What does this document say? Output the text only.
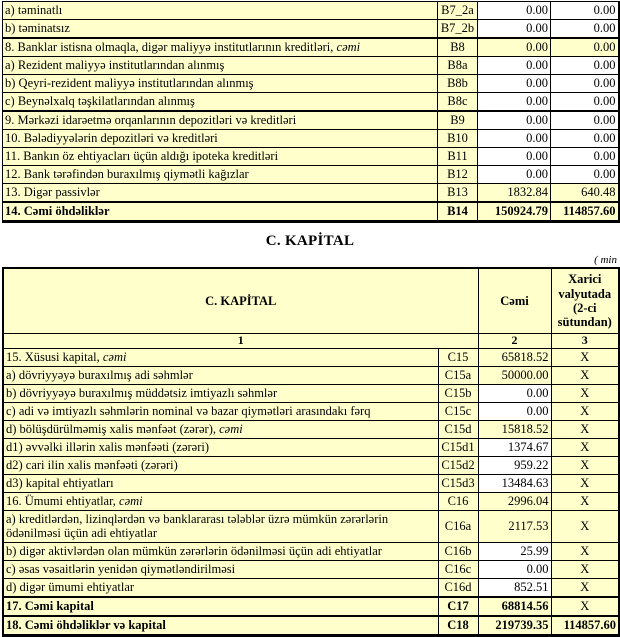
a) təminatlı	B7_2a	0.00	0.00
b) təminatsız	B7_2b	0.00	0.00
8. Banklar istisna olmaqla, digər maliyyə institutlarının kreditləri, cəmi	B8	0.00	0.00
a) Rezident maliyyə institutlarından alınmış	B8a	0.00	0.00
b) Qeyri-rezident maliyyə institutlarından alınmış	B8b	0.00	0.00
c) Beynəlxalq təşkilatlarından alınmış	B8c	0.00	0.00
9. Mərkəzi idarəetmə orqanlarının depozitləri və kreditləri	B9	0.00	0.00
10. Bələdiyyələrin depozitləri və kreditləri	B10	0.00	0.00
11. Bankın öz ehtiyacları üçün aldığı ipoteka kreditləri	B11	0.00	0.00
12. Bank tərəfindən buraxılmış qiymətli kağızlar	B12	0.00	0.00
13. Digər passivlər	B13	1832.84	640.48
14. Cəmi öhdəliklər	B14	150924.79	114857.60
C. KAPİTAL
( min
C. KAPİTAL		Cəmi	Xarici valyutada (2-ci sütundan)
1		2	3
15. Xüsusi kapital, cəmi	C15	65818.52	X
a) dövriyyəyə buraxılmış adi səhmlər	C15a	50000.00	X
b) dövriyyəyə buraxılmış müddətsiz imtiyazlı səhmlər	C15b	0.00	X
c) adi və imtiyazlı səhmlərin nominal və bazar qiymətləri arasındakı fərq	C15c	0.00	X
d) bölüşdürülməmiş xalis mənfəət (zərər), cəmi	C15d	15818.52	X
d1) əvvəlki illərin xalis mənfəəti (zərəri)	C15d1	1374.67	X
d2) cari ilin xalis mənfəəti (zərəri)	C15d2	959.22	X
d3) kapital ehtiyatları	C15d3	13484.63	X
16. Ümumi ehtiyatlar, cəmi	C16	2996.04	X
a) kreditlərdən, lizinqlərdən və banklararası tələblər üzrə mümkün zərərlərin ödənilməsi üçün adi ehtiyatlar	C16a	2117.53	X
b) digər aktivlərdən olan mümkün zərərlərin ödənilməsi üçün adi ehtiyatlar	C16b	25.99	X
c) əsas vəsaitlərin yenidən qiymətləndirilməsi	C16c	0.00	X
d) digər ümumi ehtiyatlar	C16d	852.51	X
17. Cəmi kapital	C17	68814.56	X
18. Cəmi öhdəliklər və kapital	C18	219739.35	114857.60
